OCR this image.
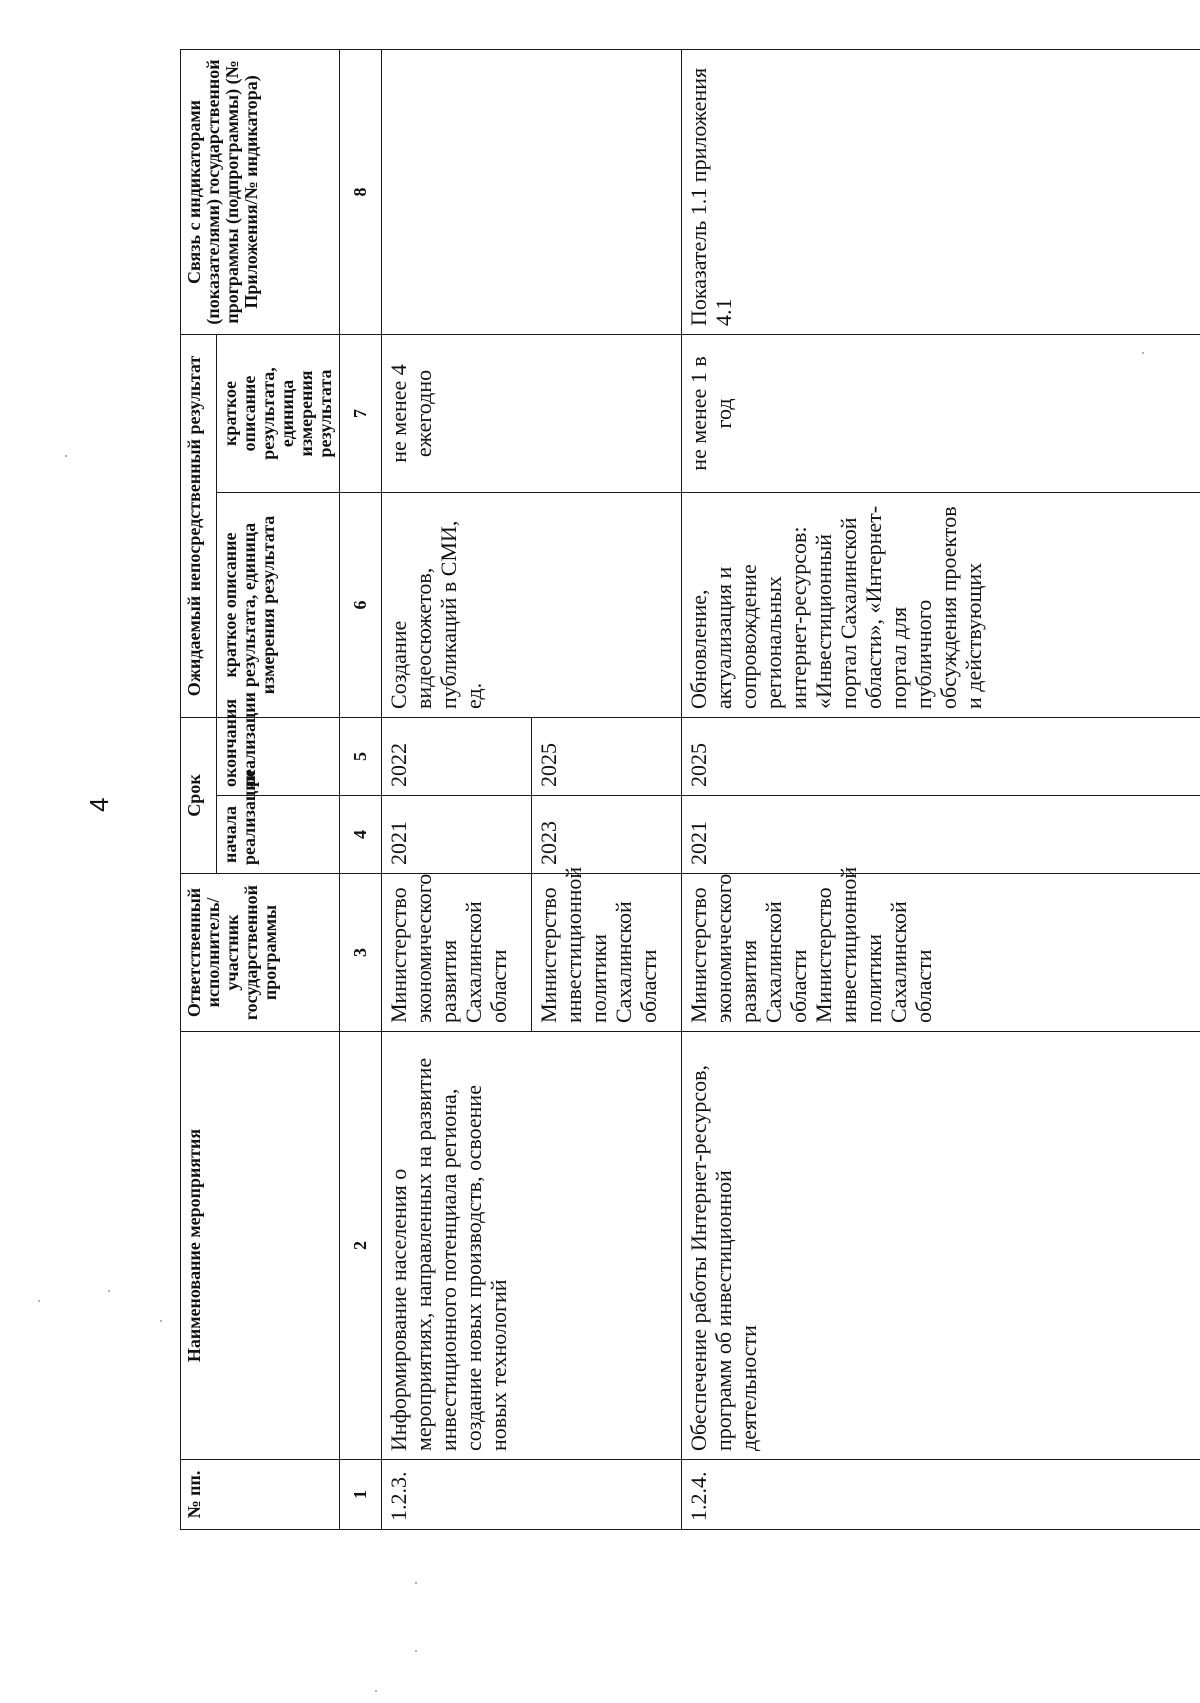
4
№ пп.	Наименование мероприятия	Ответственный исполнитель/участник государственной программы	Срок		Ожидаемый непосредственный результат		Связь с индикаторами (показателями) государственной программы (подпрограммы) (№ Приложения/№ индикатора)
			начала реализации	окончания реализации	краткое описание результата, единица измерения результата	краткое описание результата, единица измерения результата	
1	2	3	4	5	6	7	8
1.2.3.	Информирование населения о мероприятиях, направленных на развитие инвестиционного потенциала региона, создание новых производств, освоение новых технологий	Министерство экономического развития Сахалинской области	2021	2022	Создание видеосюжетов, публикаций в СМИ, ед.	не менее 4 ежегодно	
		Министерство инвестиционной политики Сахалинской области	2023	2025			
1.2.4.	Обеспечение работы Интернет-ресурсов, программ об инвестиционной деятельности	Министерство экономического развития Сахалинской области Министерство инвестиционной политики Сахалинской области	2021	2025	Обновление, актуализация и сопровождение региональных интернет-ресурсов: «Инвестиционный портал Сахалинской области», «Интернет-портал для публичного обсуждения проектов и действующих	не менее 1 в год	Показатель 1.1 приложения 4.1
